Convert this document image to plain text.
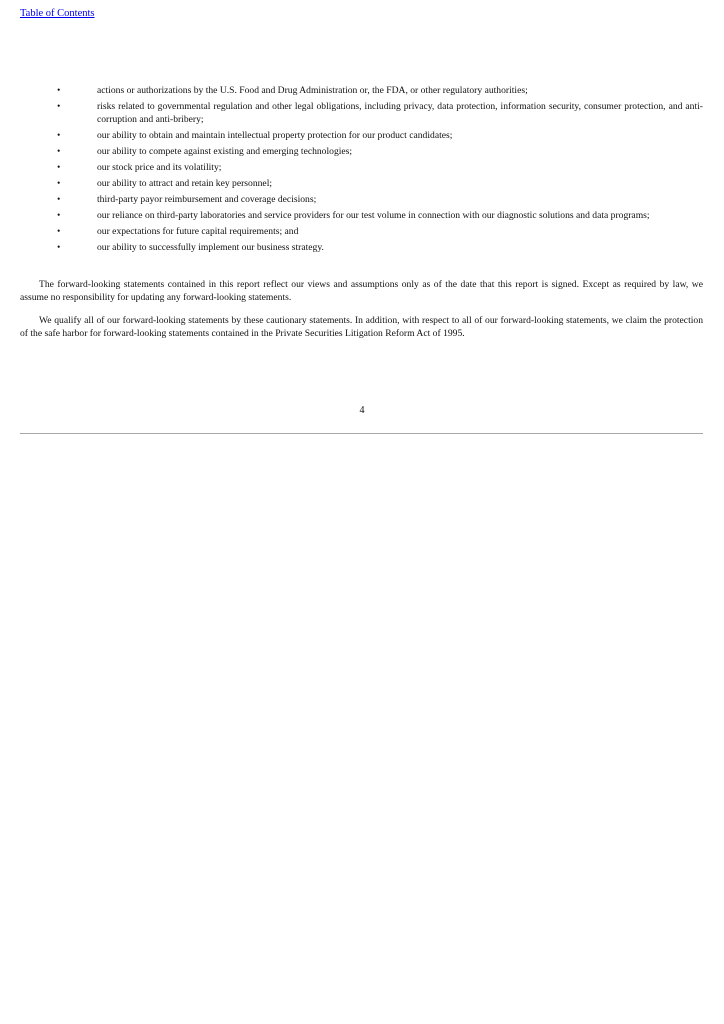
Table of Contents
•	actions or authorizations by the U.S. Food and Drug Administration or, the FDA, or other regulatory authorities;
•	risks related to governmental regulation and other legal obligations, including privacy, data protection, information security, consumer protection, and anti-corruption and anti-bribery;
•	our ability to obtain and maintain intellectual property protection for our product candidates;
•	our ability to compete against existing and emerging technologies;
•	our stock price and its volatility;
•	our ability to attract and retain key personnel;
•	third-party payor reimbursement and coverage decisions;
•	our reliance on third-party laboratories and service providers for our test volume in connection with our diagnostic solutions and data programs;
•	our expectations for future capital requirements; and
•	our ability to successfully implement our business strategy.

The forward-looking statements contained in this report reflect our views and assumptions only as of the date that this report is signed. Except as required by law, we assume no responsibility for updating any forward-looking statements.

We qualify all of our forward-looking statements by these cautionary statements. In addition, with respect to all of our forward-looking statements, we claim the protection of the safe harbor for forward-looking statements contained in the Private Securities Litigation Reform Act of 1995.

4
